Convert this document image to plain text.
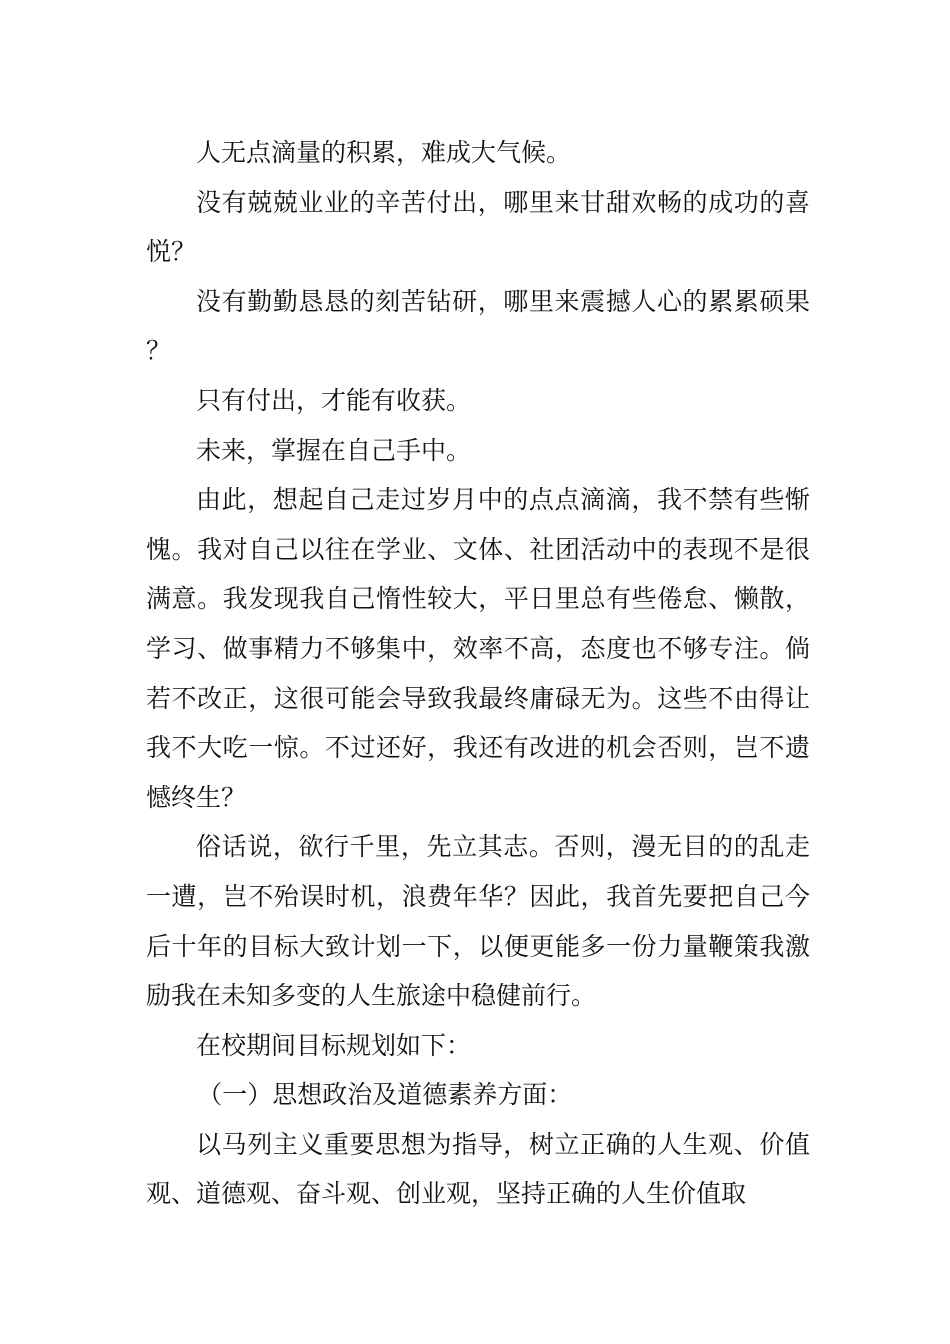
人无点滴量的积累，难成大气候。

没有兢兢业业的辛苦付出，哪里来甘甜欢畅的成功的喜悦？

没有勤勤恳恳的刻苦钻研，哪里来震撼人心的累累硕果？

只有付出，才能有收获。

未来，掌握在自己手中。

由此，想起自己走过岁月中的点点滴滴，我不禁有些惭愧。我对自己以往在学业、文体、社团活动中的表现不是很满意。我发现我自己惰性较大，平日里总有些倦怠、懒散，学习、做事精力不够集中，效率不高，态度也不够专注。倘若不改正，这很可能会导致我最终庸碌无为。这些不由得让我不大吃一惊。不过还好，我还有改进的机会否则，岂不遗憾终生？

俗话说，欲行千里，先立其志。否则，漫无目的的乱走一遭，岂不殆误时机，浪费年华？因此，我首先要把自己今后十年的目标大致计划一下，以便更能多一份力量鞭策我激励我在未知多变的人生旅途中稳健前行。

在校期间目标规划如下：

（一）思想政治及道德素养方面：

以马列主义重要思想为指导，树立正确的人生观、价值观、道德观、奋斗观、创业观，坚持正确的人生价值取
